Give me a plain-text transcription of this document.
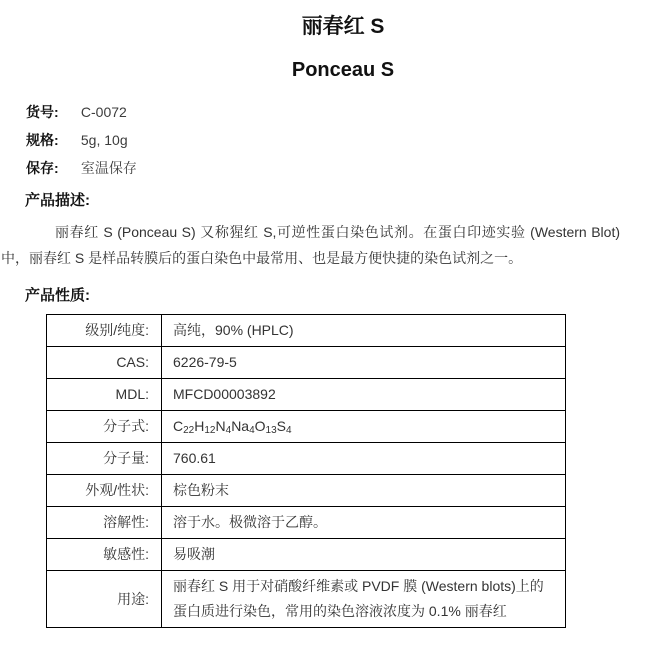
丽春红 S
Ponceau S
货号: C-0072
规格: 5g, 10g
保存: 室温保存
产品描述:

丽春红 S (Ponceau S) 又称猩红 S,可逆性蛋白染色试剂。在蛋白印迹实验 (Western Blot)中，丽春红 S 是样品转膜后的蛋白染色中最常用、也是最方便快捷的染色试剂之一。

产品性质:
级别/纯度:	高纯，90% (HPLC)
CAS:	6226-79-5
MDL:	MFCD00003892
分子式:	$C_{22}H_{12}N_4Na_4O_{13}S_4$
分子量:	760.61
外观/性状:	棕色粉末
溶解性:	溶于水。极微溶于乙醇。
敏感性:	易吸潮
用途:	丽春红 S 用于对硝酸纤维素或 PVDF 膜 (Western blots)上的蛋白质进行染色，常用的染色溶液浓度为 0.1% 丽春红
